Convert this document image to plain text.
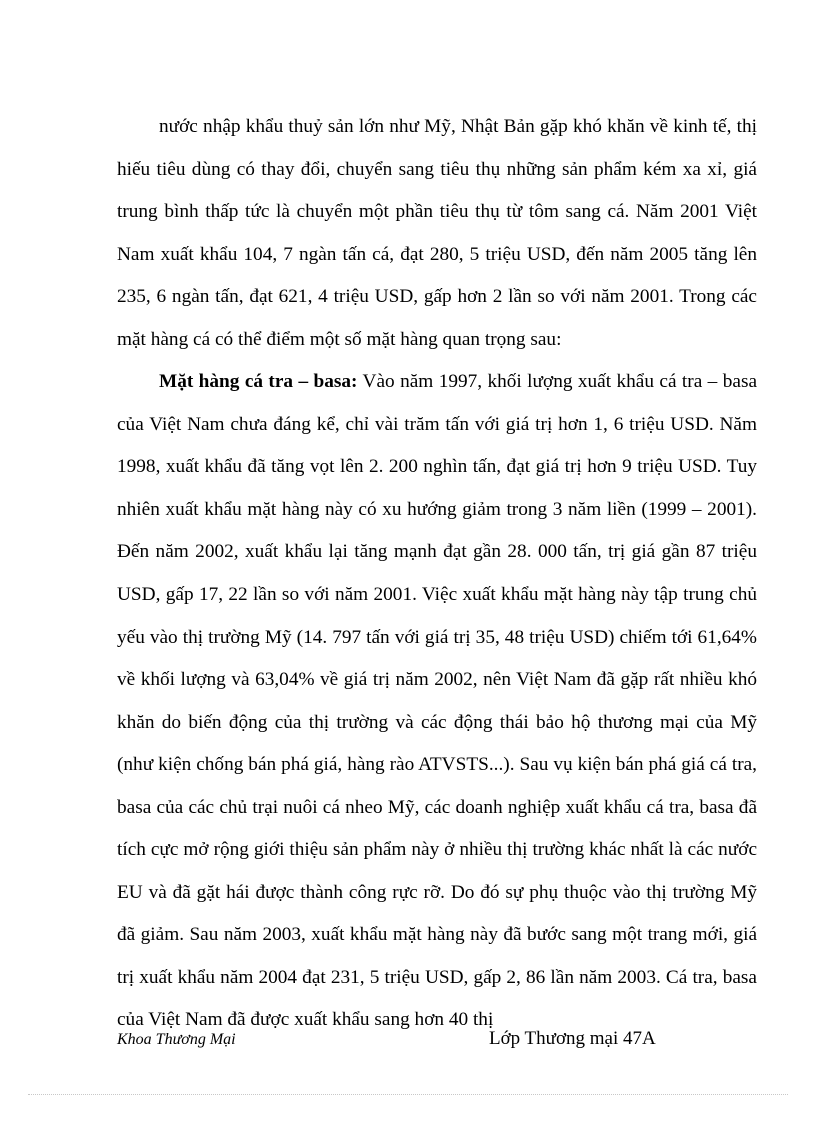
nước nhập khẩu thuỷ sản lớn như Mỹ, Nhật Bản gặp khó khăn về kinh tế, thị hiếu tiêu dùng có thay đổi, chuyển sang tiêu thụ những sản phẩm kém xa xỉ, giá trung bình thấp tức là chuyển một phần tiêu thụ từ tôm sang cá. Năm 2001 Việt Nam xuất khẩu 104, 7 ngàn tấn cá, đạt 280, 5 triệu USD, đến năm 2005 tăng lên 235, 6 ngàn tấn, đạt 621, 4 triệu USD, gấp hơn 2 lần so với năm 2001. Trong các mặt hàng cá có thể điểm một số mặt hàng quan trọng sau:

Mặt hàng cá tra – basa: Vào năm 1997, khối lượng xuất khẩu cá tra – basa của Việt Nam chưa đáng kể, chỉ vài trăm tấn với giá trị hơn 1, 6 triệu USD. Năm 1998, xuất khẩu đã tăng vọt lên 2. 200 nghìn tấn, đạt giá trị hơn 9 triệu USD. Tuy nhiên xuất khẩu mặt hàng này có xu hướng giảm trong 3 năm liền (1999 – 2001). Đến năm 2002, xuất khẩu lại tăng mạnh đạt gần 28. 000 tấn, trị giá gần 87 triệu USD, gấp 17, 22 lần so với năm 2001. Việc xuất khẩu mặt hàng này tập trung chủ yếu vào thị trường Mỹ (14. 797 tấn với giá trị 35, 48 triệu USD) chiếm tới 61,64% về khối lượng và 63,04% về giá trị năm 2002, nên Việt Nam đã gặp rất nhiều khó khăn do biến động của thị trường và các động thái bảo hộ thương mại của Mỹ (như kiện chống bán phá giá, hàng rào ATVSTS...). Sau vụ kiện bán phá giá cá tra, basa của các chủ trại nuôi cá nheo Mỹ, các doanh nghiệp xuất khẩu cá tra, basa đã tích cực mở rộng giới thiệu sản phẩm này ở nhiều thị trường khác nhất là các nước EU và đã gặt hái được thành công rực rỡ. Do đó sự phụ thuộc vào thị trường Mỹ đã giảm. Sau năm 2003, xuất khẩu mặt hàng này đã bước sang một trang mới, giá trị xuất khẩu năm 2004 đạt 231, 5 triệu USD, gấp 2, 86 lần năm 2003. Cá tra, basa của Việt Nam đã được xuất khẩu sang hơn 40 thị

Khoa Thương Mại	Lớp Thương mại 47A
